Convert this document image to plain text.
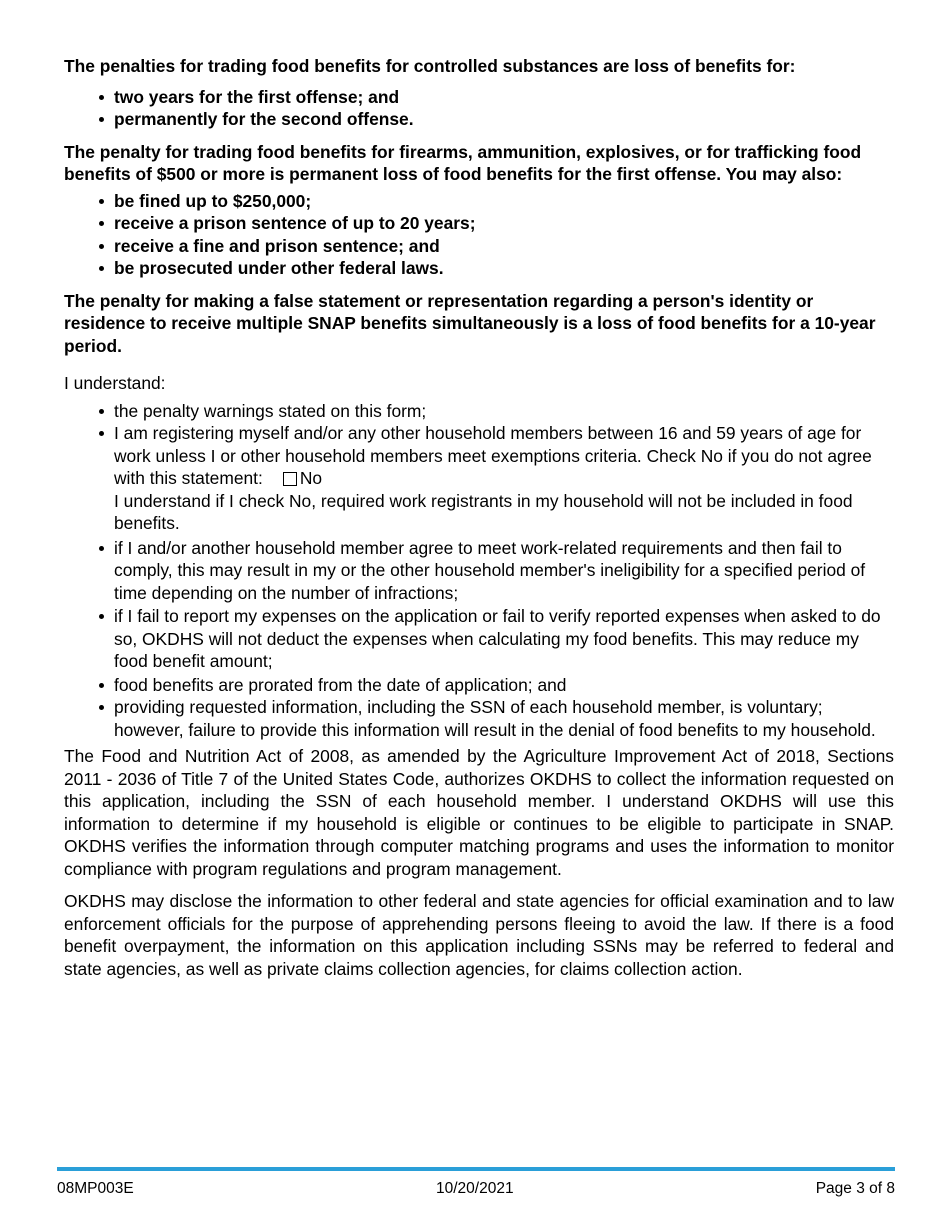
The penalties for trading food benefits for controlled substances are loss of benefits for:

two years for the first offense; and
permanently for the second offense.

The penalty for trading food benefits for firearms, ammunition, explosives, or for trafficking food benefits of $500 or more is permanent loss of food benefits for the first offense. You may also:

be fined up to $250,000;
receive a prison sentence of up to 20 years;
receive a fine and prison sentence; and
be prosecuted under other federal laws.

The penalty for making a false statement or representation regarding a person's identity or residence to receive multiple SNAP benefits simultaneously is a loss of food benefits for a 10-year period.

I understand:

the penalty warnings stated on this form;
I am registering myself and/or any other household members between 16 and 59 years of age for work unless I or other household members meet exemptions criteria. Check No if you do not agree with this statement: No
I understand if I check No, required work registrants in my household will not be included in food benefits.
if I and/or another household member agree to meet work-related requirements and then fail to comply, this may result in my or the other household member's ineligibility for a specified period of time depending on the number of infractions;
if I fail to report my expenses on the application or fail to verify reported expenses when asked to do so, OKDHS will not deduct the expenses when calculating my food benefits. This may reduce my food benefit amount;
food benefits are prorated from the date of application; and
providing requested information, including the SSN of each household member, is voluntary; however, failure to provide this information will result in the denial of food benefits to my household.

The Food and Nutrition Act of 2008, as amended by the Agriculture Improvement Act of 2018, Sections 2011 - 2036 of Title 7 of the United States Code, authorizes OKDHS to collect the information requested on this application, including the SSN of each household member. I understand OKDHS will use this information to determine if my household is eligible or continues to be eligible to participate in SNAP. OKDHS verifies the information through computer matching programs and uses the information to monitor compliance with program regulations and program management.

OKDHS may disclose the information to other federal and state agencies for official examination and to law enforcement officials for the purpose of apprehending persons fleeing to avoid the law. If there is a food benefit overpayment, the information on this application including SSNs may be referred to federal and state agencies, as well as private claims collection agencies, for claims collection action.

08MP003E	10/20/2021	Page 3 of 8
